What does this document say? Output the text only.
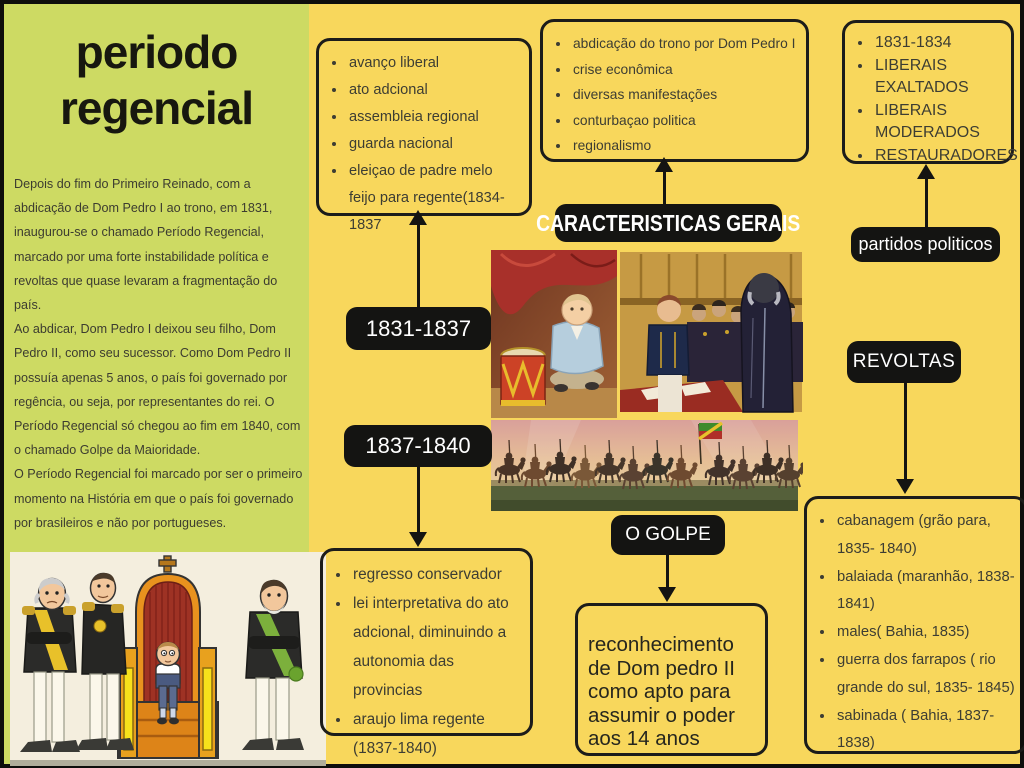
periodo
regencial

Depois do fim do Primeiro Reinado, com a abdicação de Dom Pedro I ao trono, em 1831, inaugurou-se o chamado Período Regencial, marcado por uma forte instabilidade política e revoltas que quase levaram a fragmentação do país.

Ao abdicar, Dom Pedro I deixou seu filho, Dom Pedro II, como seu sucessor. Como Dom Pedro II possuía apenas 5 anos, o país foi governado por regência, ou seja, por representantes do rei. O Período Regencial só chegou ao fim em 1840, com o chamado Golpe da Maioridade.

O Período Regencial foi marcado por ser o primeiro momento na História em que o país foi governado por brasileiros e não por portugueses.

• avanço liberal
• ato adcional
• assembleia regional
• guarda nacional
• eleiçao de padre melo feijo para regente(1834-1837
• abdicação do trono por Dom Pedro I
• crise econômica
• diversas manifestações
• conturbaçao politica
• regionalismo
• 1831-1834
• LIBERAIS EXALTADOS
• LIBERAIS MODERADOS
• RESTAURADORES
• regresso conservador
• lei interpretativa do ato adcional, diminuindo a autonomia das provincias
• araujo lima regente (1837-1840)
• cabanagem (grão para, 1835- 1840)
• balaiada (maranhão, 1838- 1841)
• males( Bahia, 1835)
• guerra dos farrapos ( rio grande do sul, 1835- 1845)
• sabinada ( Bahia, 1837- 1838)
reconhecimento
de Dom pedro II
como apto para
assumir o poder
aos 14 anos
CARACTERISTICAS GERAIS
partidos politicos
1831-1837
1837-1840
REVOLTAS
O GOLPE
